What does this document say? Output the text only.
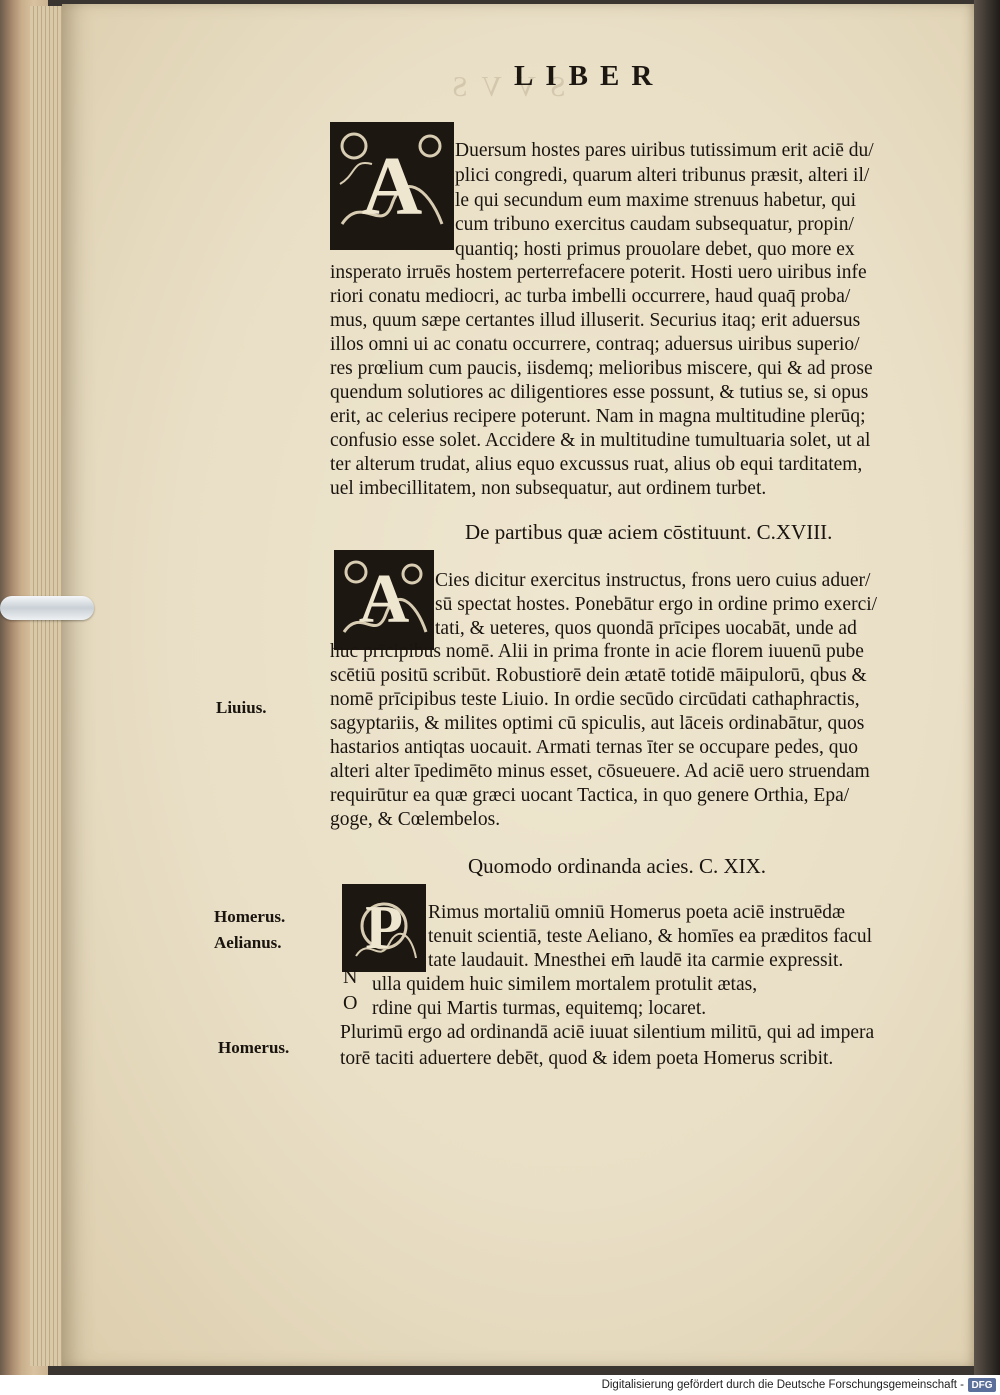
SVVS
LIBER
A	Duersum hostes pares uiribus tutissimum erit aciē du/
plici congredi, quarum alteri tribunus præsit, alteri il/
le qui secundum eum maxime strenuus habetur, qui
cum tribuno exercitus caudam subsequatur, propin/
quantiq; hosti primus prouolare debet, quo more ex
insperato irruēs hostem perterrefacere poterit. Hosti uero uiribus infe
riori conatu mediocri, ac turba imbelli occurrere, haud quaq̄ proba/
mus, quum sæpe certantes illud illuserit. Securius itaq; erit aduersus
illos omni ui ac conatu occurrere, contraq; aduersus uiribus superio/
res prœlium cum paucis, iisdemq; melioribus miscere, qui & ad prose
quendum solutiores ac diligentiores esse possunt, & tutius se, si opus
erit, ac celerius recipere poterunt. Nam in magna multitudine plerūq;
confusio esse solet. Accidere & in multitudine tumultuaria solet, ut al
ter alterum trudat, alius equo excussus ruat, alius ob equi tarditatem,
uel imbecillitatem, non subsequatur, aut ordinem turbet.
De partibus quæ aciem cōstituunt. C.XVIII.
A	Cies dicitur exercitus instructus, frons uero cuius aduer/
sū spectat hostes. Ponebātur ergo in ordine primo exerci/
tati, & ueteres, quos quondā prīcipes uocabāt, unde ad
huc prīcipibus nomē. Alii in prima fronte in acie florem iuuenū pube
scētiū positū scribūt. Robustiorē dein ætatē totidē māipulorū, qbus &
nomē prīcipibus teste Liuio. In ordie secūdo circūdati cathaphractis,
sagyptariis, & milites optimi cū spiculis, aut lāceis ordinabātur, quos
hastarios antiqtas uocauit. Armati ternas īter se occupare pedes, quo
alteri alter īpedimēto minus esset, cōsueuere. Ad aciē uero struendam
requirūtur ea quæ græci uocant Tactica, in quo genere Orthia, Epa/
goge, & Cœlembelos.
Quomodo ordinanda acies. C. XIX.
P	Rimus mortaliū omniū Homerus poeta aciē instruēdæ
tenuit scientiā, teste Aeliano, & homīes ea præditos facul
tate laudauit. Mnesthei em̄ laudē ita carmie expressit.
N ulla quidem huic similem mortalem protulit ætas,
O rdine qui Martis turmas, equitemq; locaret.
Plurimū ergo ad ordinandā aciē iuuat silentium militū, qui ad impera
torē taciti aduertere debēt, quod & idem poeta Homerus scribit.
Liuius.
Homerus.
Aelianus.
Homerus.
Digitalisierung gefördert durch die Deutsche Forschungsgemeinschaft - DFG
